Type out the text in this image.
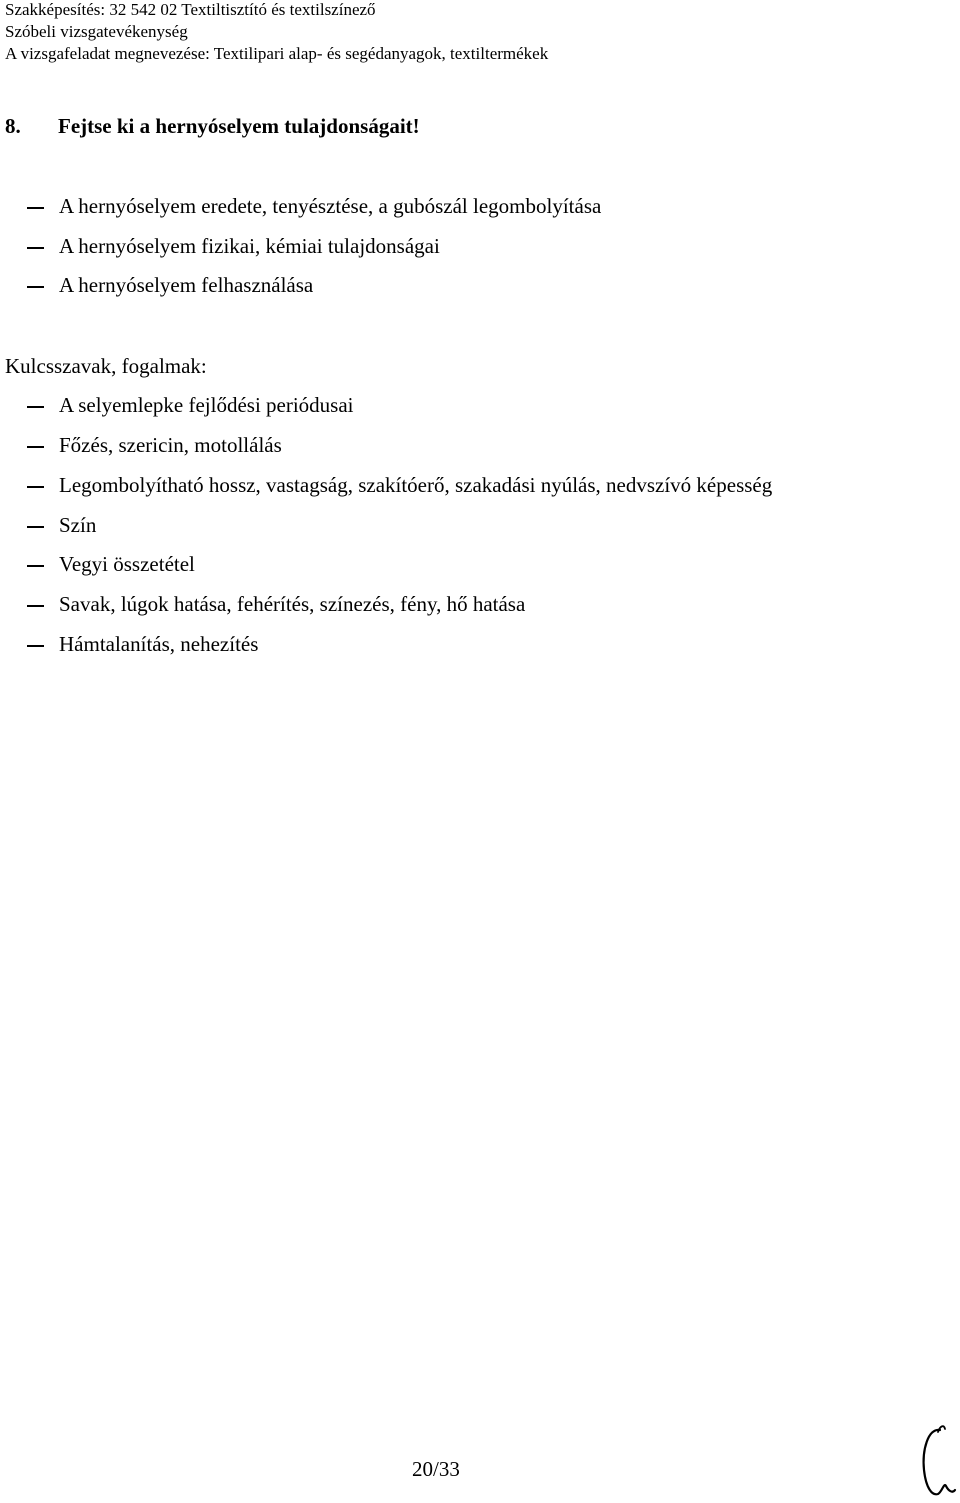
Szakképesítés: 32 542 02 Textiltisztító és textilszínező
Szóbeli vizsgatevékenység
A vizsgafeladat megnevezése: Textilipari alap- és segédanyagok, textiltermékek
8. Fejtse ki a hernyóselyem tulajdonságait!
A hernyóselyem eredete, tenyésztése, a gubószál legombolyítása
A hernyóselyem fizikai, kémiai tulajdonságai
A hernyóselyem felhasználása
Kulcsszavak, fogalmak:
A selyemlepke fejlődési periódusai
Főzés, szericin, motollálás
Legombolyítható hossz, vastagság, szakítóerő, szakadási nyúlás, nedvszívó képesség
Szín
Vegyi összetétel
Savak, lúgok hatása, fehérítés, színezés, fény, hő hatása
Hámtalanítás, nehezítés
20/33
